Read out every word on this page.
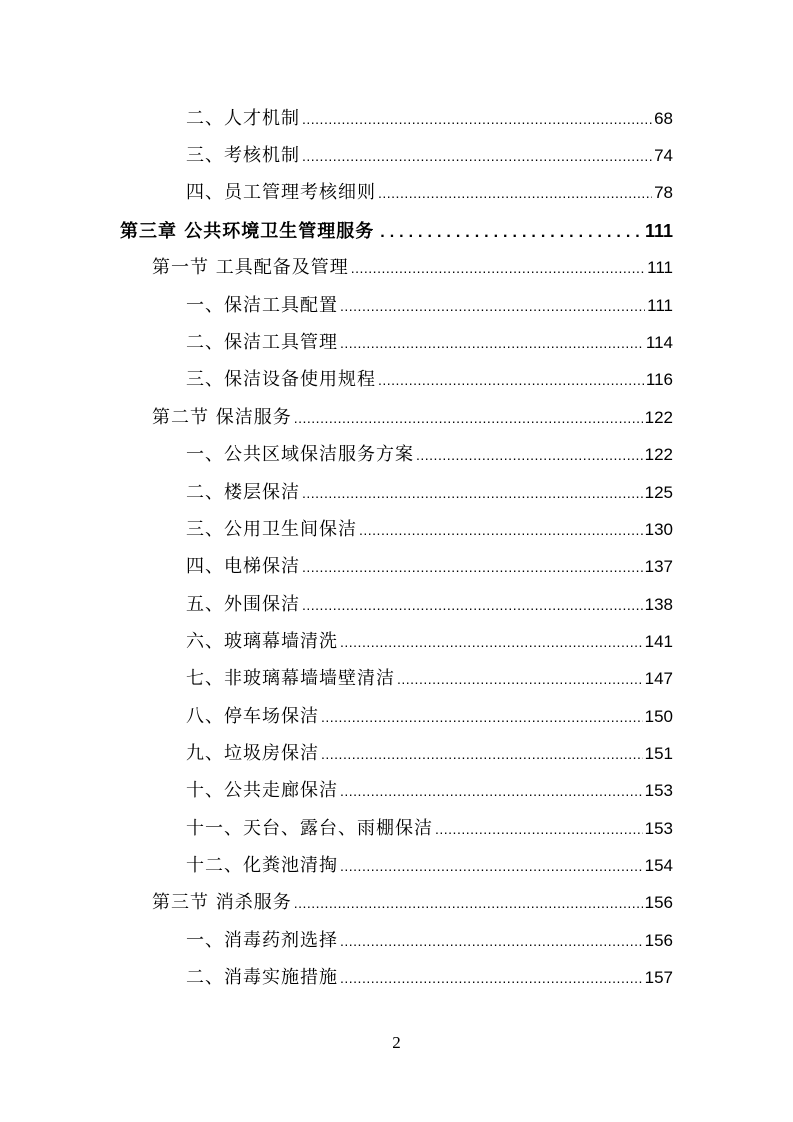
二、人才机制 .....	68
三、考核机制 .....	74
四、员工管理考核细则 .....	78
第三章 公共环境卫生管理服务 .....	111
第一节 工具配备及管理 .....	111
一、保洁工具配置 .....	111
二、保洁工具管理 .....	114
三、保洁设备使用规程 .....	116
第二节 保洁服务 .....	122
一、公共区域保洁服务方案 .....	122
二、楼层保洁 .....	125
三、公用卫生间保洁 .....	130
四、电梯保洁 .....	137
五、外围保洁 .....	138
六、玻璃幕墙清洗 .....	141
七、非玻璃幕墙墙壁清洁 .....	147
八、停车场保洁 .....	150
九、垃圾房保洁 .....	151
十、公共走廊保洁 .....	153
十一、天台、露台、雨棚保洁 .....	153
十二、化粪池清掏 .....	154
第三节 消杀服务 .....	156
一、消毒药剂选择 .....	156
二、消毒实施措施 .....	157
2
